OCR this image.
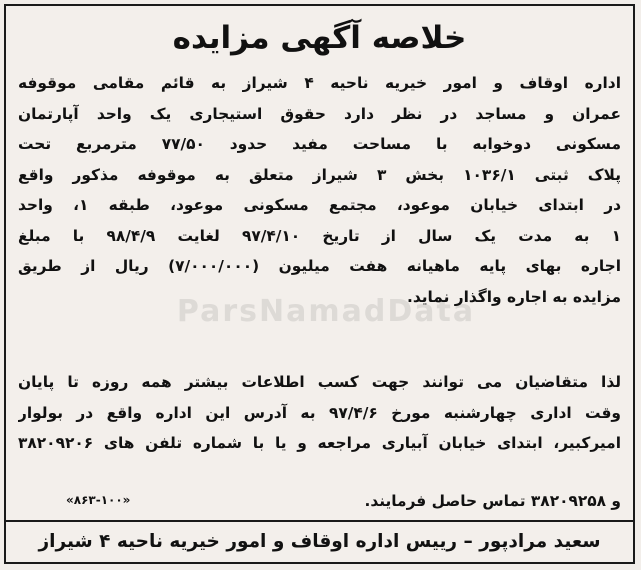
ParsNamadData
خلاصه آگهی مزایده
اداره اوقاف و امور خیریه ناحیه ۴ شیراز به قائم مقامی موقوفه
عمران و مساجد در نظر دارد حقوق استیجاری یک واحد آپارتمان
مسکونی دوخوابه با مساحت مفید حدود ۷۷/۵۰ مترمربع تحت
پلاک ثبتی ۱۰۳۶/۱ بخش ۳ شیراز متعلق به موقوفه مذکور واقع
در ابتدای خیابان موعود، مجتمع مسکونی موعود، طبقه ۱، واحد
۱ به مدت یک سال از تاریخ ۹۷/۴/۱۰ لغایت ۹۸/۴/۹ با مبلغ
اجاره بهای پایه ماهیانه هفت میلیون (۷/۰۰۰/۰۰۰) ریال از طریق
مزایده به اجاره واگذار نماید.
لذا متقاضیان می توانند جهت کسب اطلاعات بیشتر همه روزه تا پایان
وقت اداری چهارشنبه مورخ ۹۷/۴/۶ به آدرس این اداره واقع در بولوار
امیرکبیر، ابتدای خیابان آبیاری مراجعه و یا با شماره تلفن های ۳۸۲۰۹۲۰۶
و ۳۸۲۰۹۲۵۸ تماس حاصل فرمایند.
«۸۶۳-۱۰۰»
سعید مرادپور – رییس اداره اوقاف و امور خیریه ناحیه ۴ شیراز
